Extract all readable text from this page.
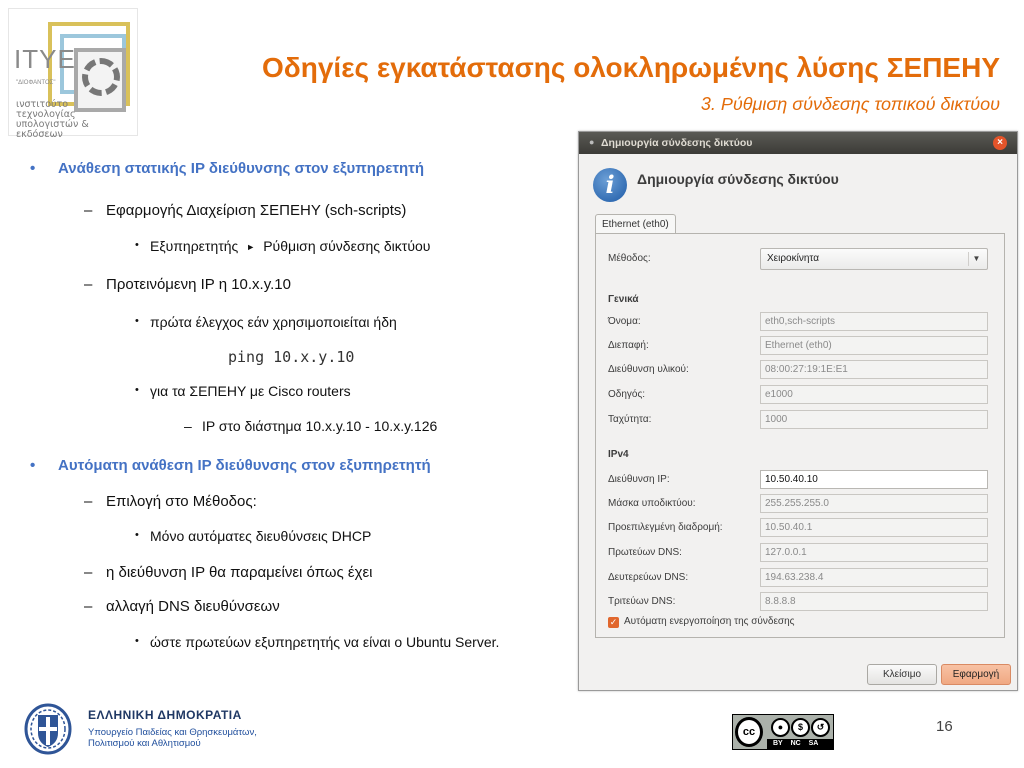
ITYE
"ΔΙΟΦΑΝΤΟΣ"
ινστιτούτο
τεχνολογίας
υπολογιστών & εκδόσεων
Οδηγίες εγκατάστασης ολοκληρωμένης λύσης ΣΕΠΕΗΥ
3. Ρύθμιση σύνδεσης τοπικού δικτύου
• Ανάθεση στατικής IP διεύθυνσης στον εξυπηρετητή
– Εφαρμογής Διαχείριση ΣΕΠΕΗΥ (sch-scripts)
• Εξυπηρετητής ► Ρύθμιση σύνδεσης δικτύου
– Προτεινόμενη IP η 10.x.y.10
• πρώτα έλεγχος εάν χρησιμοποιείται ήδη
ping 10.x.y.10
• για τα ΣΕΠΕΗΥ με Cisco routers
– IP στο διάστημα 10.x.y.10 - 10.x.y.126
• Αυτόματη ανάθεση IP διεύθυνσης στον εξυπηρετητή
– Επιλογή στο Μέθοδος:
• Μόνο αυτόματες διευθύνσεις DHCP
– η διεύθυνση IP θα παραμείνει όπως έχει
– αλλαγή DNS διευθύνσεων
• ώστε πρωτεύων εξυπηρετητής να είναι ο Ubuntu Server.
● Δημιουργία σύνδεσης δικτύου	×
i	Δημιουργία σύνδεσης δικτύου
Ethernet (eth0)
Μέθοδος:	Χειροκίνητα	▼
Γενικά
Όνομα:	eth0,sch-scripts
Διεπαφή:	Ethernet (eth0)
Διεύθυνση υλικού:	08:00:27:19:1E:E1
Οδηγός:	e1000
Ταχύτητα:	1000
IPv4
Διεύθυνση IP:	10.50.40.10
Μάσκα υποδικτύου:	255.255.255.0
Προεπιλεγμένη διαδρομή:	10.50.40.1
Πρωτεύων DNS:	127.0.0.1
Δευτερεύων DNS:	194.63.238.4
Τριτεύων DNS:	8.8.8.8
✓ Αυτόματη ενεργοποίηση της σύνδεσης
Κλείσιμο	Εφαρμογή
ΕΛΛΗΝΙΚΗ ΔΗΜΟΚΡΑΤΙΑ
Υπουργείο Παιδείας και Θρησκευμάτων,
Πολιτισμού και Αθλητισμού
cc	●	$	↺
BY NC SA
16
